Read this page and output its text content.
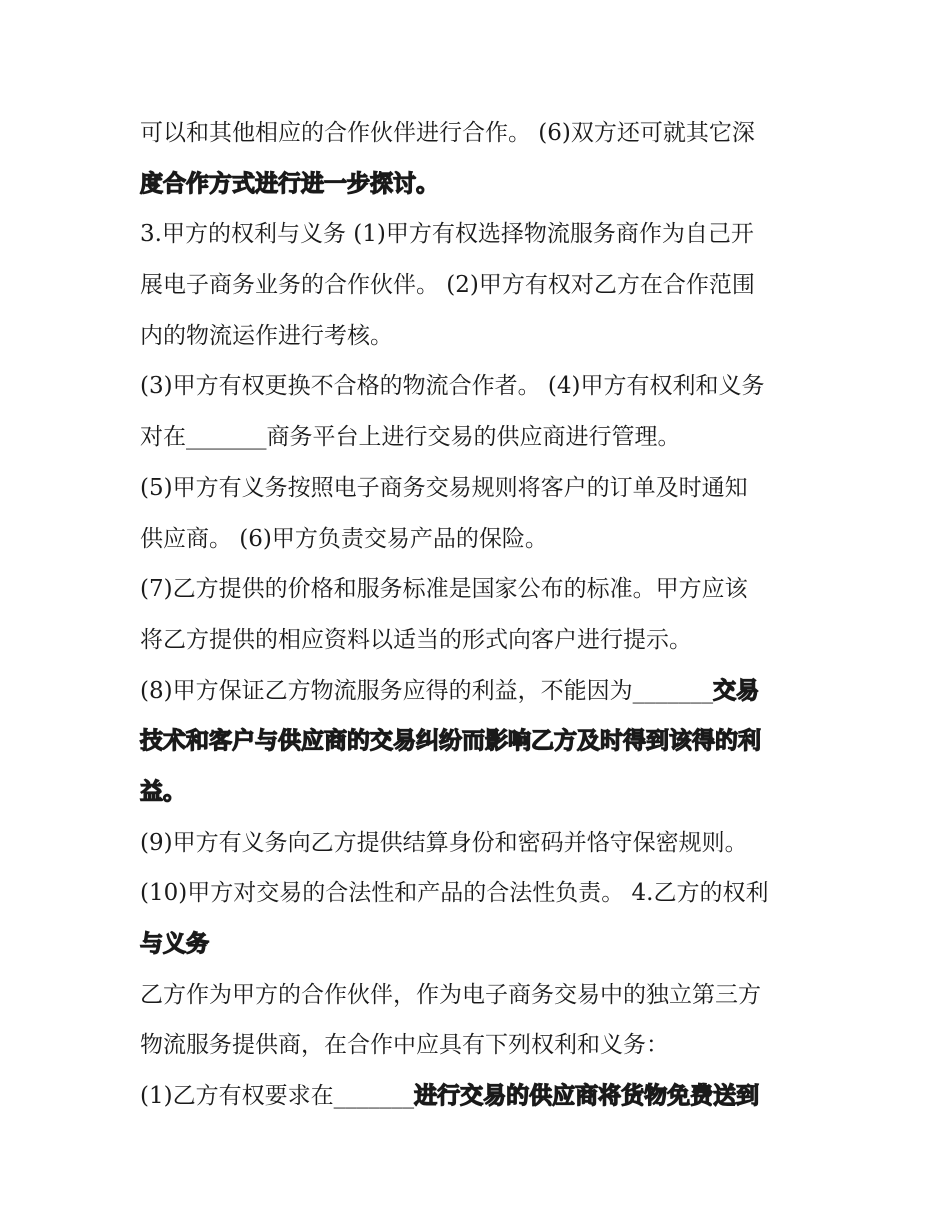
可以和其他相应的合作伙伴进行合作。 (6)双方还可就其它深
度合作方式进行进一步探讨。
3.甲方的权利与义务 (1)甲方有权选择物流服务商作为自己开
展电子商务业务的合作伙伴。 (2)甲方有权对乙方在合作范围
内的物流运作进行考核。
(3)甲方有权更换不合格的物流合作者。 (4)甲方有权利和义务
对在_______商务平台上进行交易的供应商进行管理。
(5)甲方有义务按照电子商务交易规则将客户的订单及时通知
供应商。 (6)甲方负责交易产品的保险。
(7)乙方提供的价格和服务标准是国家公布的标准。甲方应该
将乙方提供的相应资料以适当的形式向客户进行提示。
(8)甲方保证乙方物流服务应得的利益，不能因为_______交易
技术和客户与供应商的交易纠纷而影响乙方及时得到该得的利
益。
(9)甲方有义务向乙方提供结算身份和密码并恪守保密规则。
(10)甲方对交易的合法性和产品的合法性负责。 4.乙方的权利
与义务
乙方作为甲方的合作伙伴，作为电子商务交易中的独立第三方
物流服务提供商，在合作中应具有下列权利和义务：
(1)乙方有权要求在_______进行交易的供应商将货物免费送到
